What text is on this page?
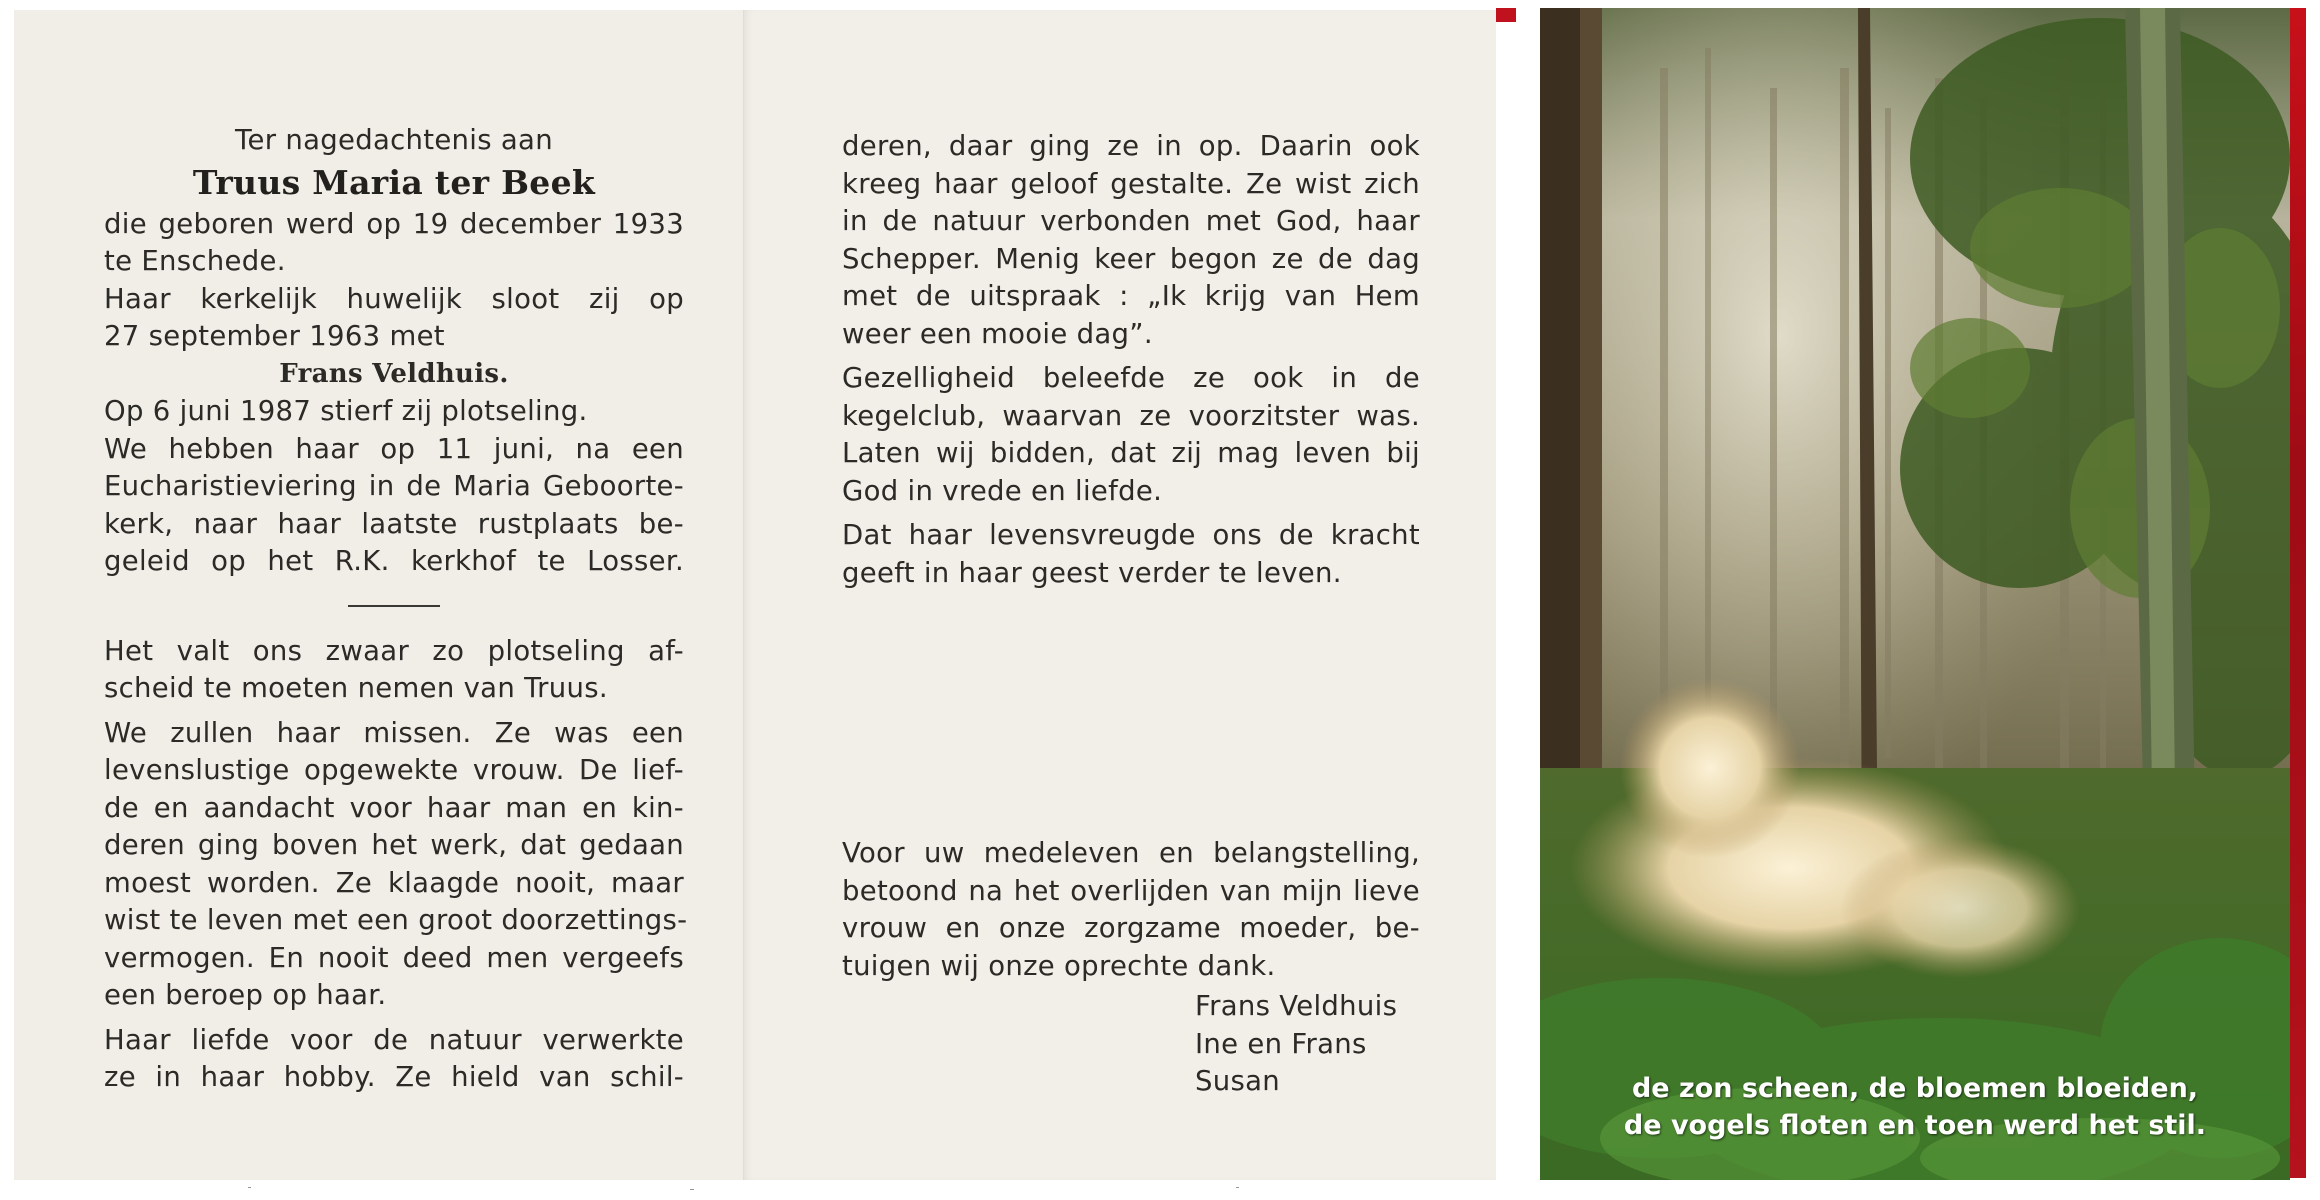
Ter nagedachtenis aan
Truus Maria ter Beek
die geboren werd op 19 december 1933
te Enschede.
Haar kerkelijk huwelijk sloot zij op
27 september 1963 met
Frans Veldhuis.
Op 6 juni 1987 stierf zij plotseling.
We hebben haar op 11 juni, na een
Eucharistieviering in de Maria Geboorte-
kerk, naar haar laatste rustplaats be-
geleid op het R.K. kerkhof te Losser.
Het valt ons zwaar zo plotseling af-
scheid te moeten nemen van Truus.
We zullen haar missen. Ze was een
levenslustige opgewekte vrouw. De lief-
de en aandacht voor haar man en kin-
deren ging boven het werk, dat gedaan
moest worden. Ze klaagde nooit, maar
wist te leven met een groot doorzettings-
vermogen. En nooit deed men vergeefs
een beroep op haar.
Haar liefde voor de natuur verwerkte
ze in haar hobby. Ze hield van schil-
deren, daar ging ze in op. Daarin ook
kreeg haar geloof gestalte. Ze wist zich
in de natuur verbonden met God, haar
Schepper. Menig keer begon ze de dag
met de uitspraak : „Ik krijg van Hem
weer een mooie dag”.
Gezelligheid beleefde ze ook in de
kegelclub, waarvan ze voorzitster was.
Laten wij bidden, dat zij mag leven bij
God in vrede en liefde.
Dat haar levensvreugde ons de kracht
geeft in haar geest verder te leven.
Voor uw medeleven en belangstelling,
betoond na het overlijden van mijn lieve
vrouw en onze zorgzame moeder, be-
tuigen wij onze oprechte dank.
Frans Veldhuis
Ine en Frans
Susan	de zon scheen, de bloemen bloeiden,
de vogels floten en toen werd het stil.
